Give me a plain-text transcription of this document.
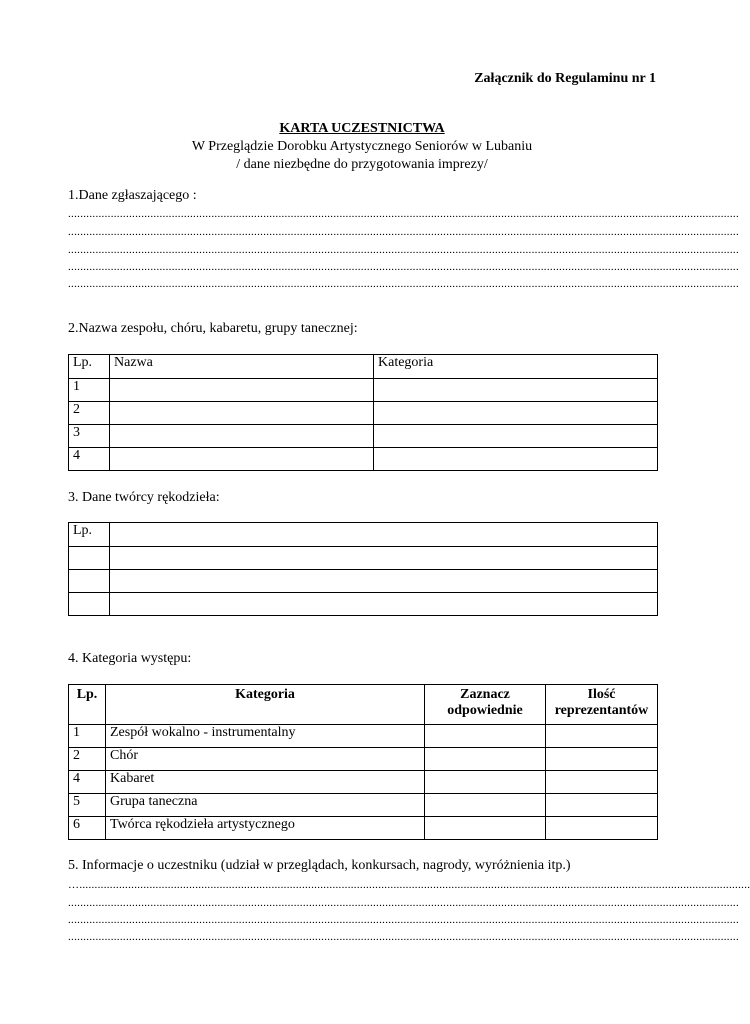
Załącznik do Regulaminu nr 1
KARTA UCZESTNICTWA
W Przeglądzie Dorobku Artystycznego Seniorów w Lubaniu
/ dane niezbędne do przygotowania imprezy/
1.Dane zgłaszającego :
............................................................................................................................................................................................................................
............................................................................................................................................................................................................................
............................................................................................................................................................................................................................
............................................................................................................................................................................................................................
............................................................................................................................................................................................................................
2.Nazwa zespołu, chóru, kabaretu, grupy tanecznej:
Lp.	Nazwa	Kategoria
1		
2		
3		
4		
3. Dane twórcy rękodzieła:
Lp.	

4. Kategoria występu:
Lp.	Kategoria	Zaznacz odpowiednie	Ilość reprezentantów
1	Zespół wokalno - instrumentalny		
2	Chór		
4	Kabaret		
5	Grupa taneczna		
6	Twórca rękodzieła artystycznego		
5. Informacje o uczestniku (udział w przeglądach, konkursach, nagrody, wyróżnienia itp.)
…............................................................................................................................................................................................................................
............................................................................................................................................................................................................................
............................................................................................................................................................................................................................
............................................................................................................................................................................................................................
